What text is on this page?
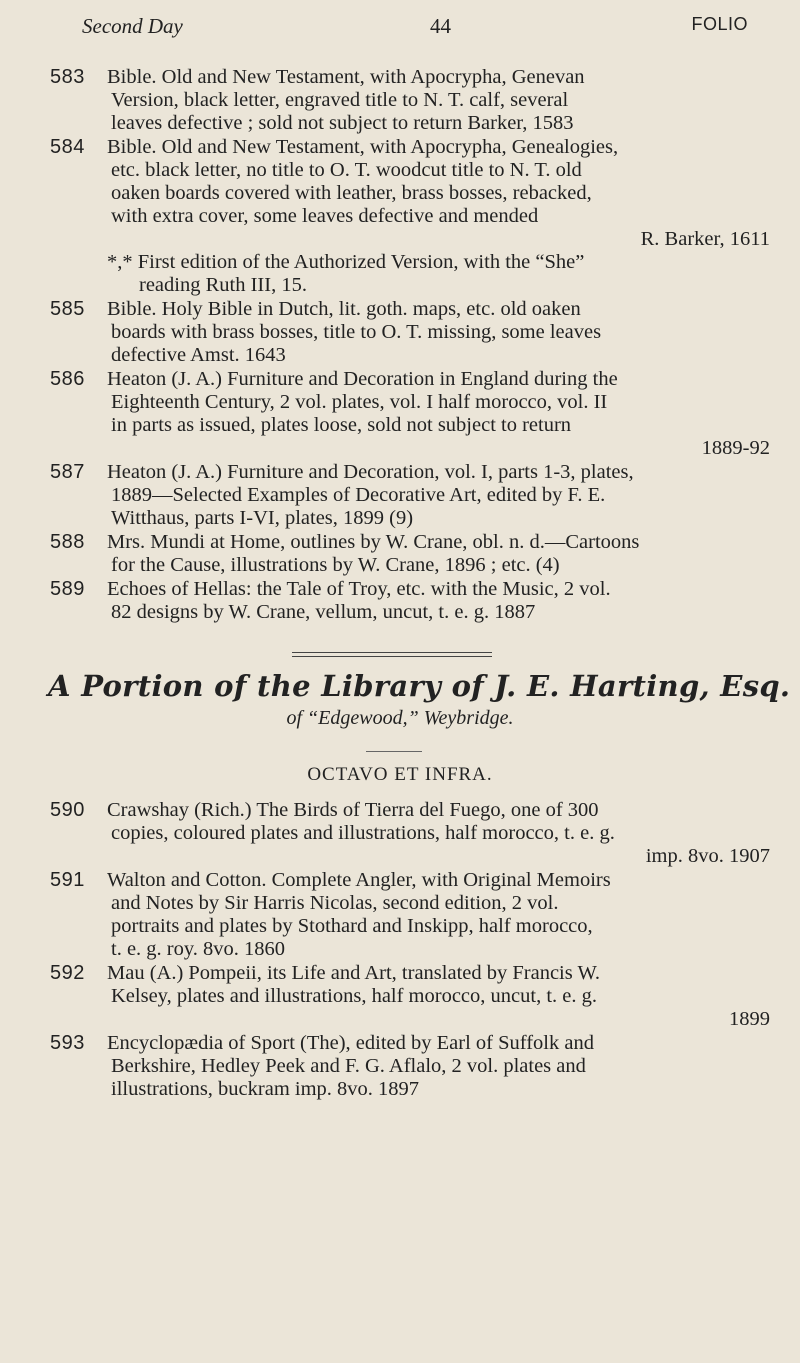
Second Day	44	FOLIO
583	Bible. Old and New Testament, with Apocrypha, Genevan
Version, black letter, engraved title to N. T. calf, several
leaves defective ; sold not subject to return Barker, 1583
584	Bible. Old and New Testament, with Apocrypha, Genealogies,
etc. black letter, no title to O. T. woodcut title to N. T. old
oaken boards covered with leather, brass bosses, rebacked,
with extra cover, some leaves defective and mended
R. Barker, 1611
*,* First edition of the Authorized Version, with the “She”
reading Ruth III, 15.
585	Bible. Holy Bible in Dutch, lit. goth. maps, etc. old oaken
boards with brass bosses, title to O. T. missing, some leaves
defective Amst. 1643
586	Heaton (J. A.) Furniture and Decoration in England during the
Eighteenth Century, 2 vol. plates, vol. I half morocco, vol. II
in parts as issued, plates loose, sold not subject to return
1889-92
587	Heaton (J. A.) Furniture and Decoration, vol. I, parts 1-3, plates,
1889—Selected Examples of Decorative Art, edited by F. E.
Witthaus, parts I-VI, plates, 1899 (9)
588	Mrs. Mundi at Home, outlines by W. Crane, obl. n. d.—Cartoons
for the Cause, illustrations by W. Crane, 1896 ; etc. (4)
589	Echoes of Hellas: the Tale of Troy, etc. with the Music, 2 vol.
82 designs by W. Crane, vellum, uncut, t. e. g. 1887
A Portion of the Library of J. E. Harting, Esq.
of “Edgewood,” Weybridge.
OCTAVO ET INFRA.
590	Crawshay (Rich.) The Birds of Tierra del Fuego, one of 300
copies, coloured plates and illustrations, half morocco, t. e. g.
imp. 8vo. 1907
591	Walton and Cotton. Complete Angler, with Original Memoirs
and Notes by Sir Harris Nicolas, second edition, 2 vol.
portraits and plates by Stothard and Inskipp, half morocco,
t. e. g. roy. 8vo. 1860
592	Mau (A.) Pompeii, its Life and Art, translated by Francis W.
Kelsey, plates and illustrations, half morocco, uncut, t. e. g.
1899
593	Encyclopædia of Sport (The), edited by Earl of Suffolk and
Berkshire, Hedley Peek and F. G. Aflalo, 2 vol. plates and
illustrations, buckram imp. 8vo. 1897
